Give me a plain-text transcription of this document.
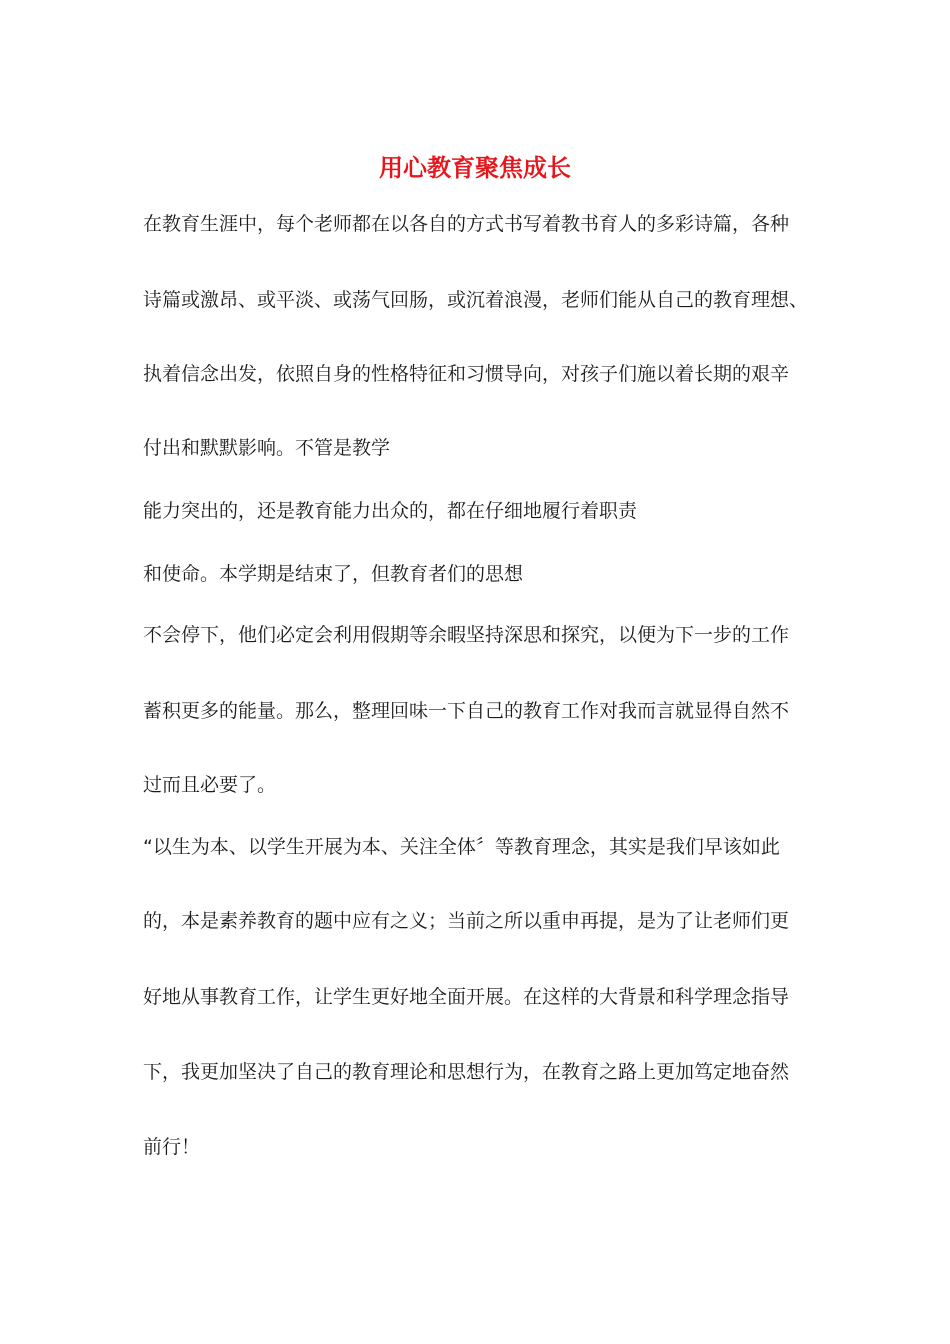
用心教育聚焦成长

在教育生涯中，每个老师都在以各自的方式书写着教书育人的多彩诗篇，各种

诗篇或激昂、或平淡、或荡气回肠，或沉着浪漫，老师们能从自己的教育理想、

执着信念出发，依照自身的性格特征和习惯导向，对孩子们施以着长期的艰辛

付出和默默影响。不管是教学

能力突出的，还是教育能力出众的，都在仔细地履行着职责

和使命。本学期是结束了，但教育者们的思想

不会停下，他们必定会利用假期等余暇坚持深思和探究，以便为下一步的工作

蓄积更多的能量。那么，整理回味一下自己的教育工作对我而言就显得自然不

过而且必要了。

“以生为本、以学生开展为本、关注全体〞等教育理念，其实是我们早该如此

的，本是素养教育的题中应有之义；当前之所以重申再提，是为了让老师们更

好地从事教育工作，让学生更好地全面开展。在这样的大背景和科学理念指导

下，我更加坚决了自己的教育理论和思想行为，在教育之路上更加笃定地奋然

前行！
